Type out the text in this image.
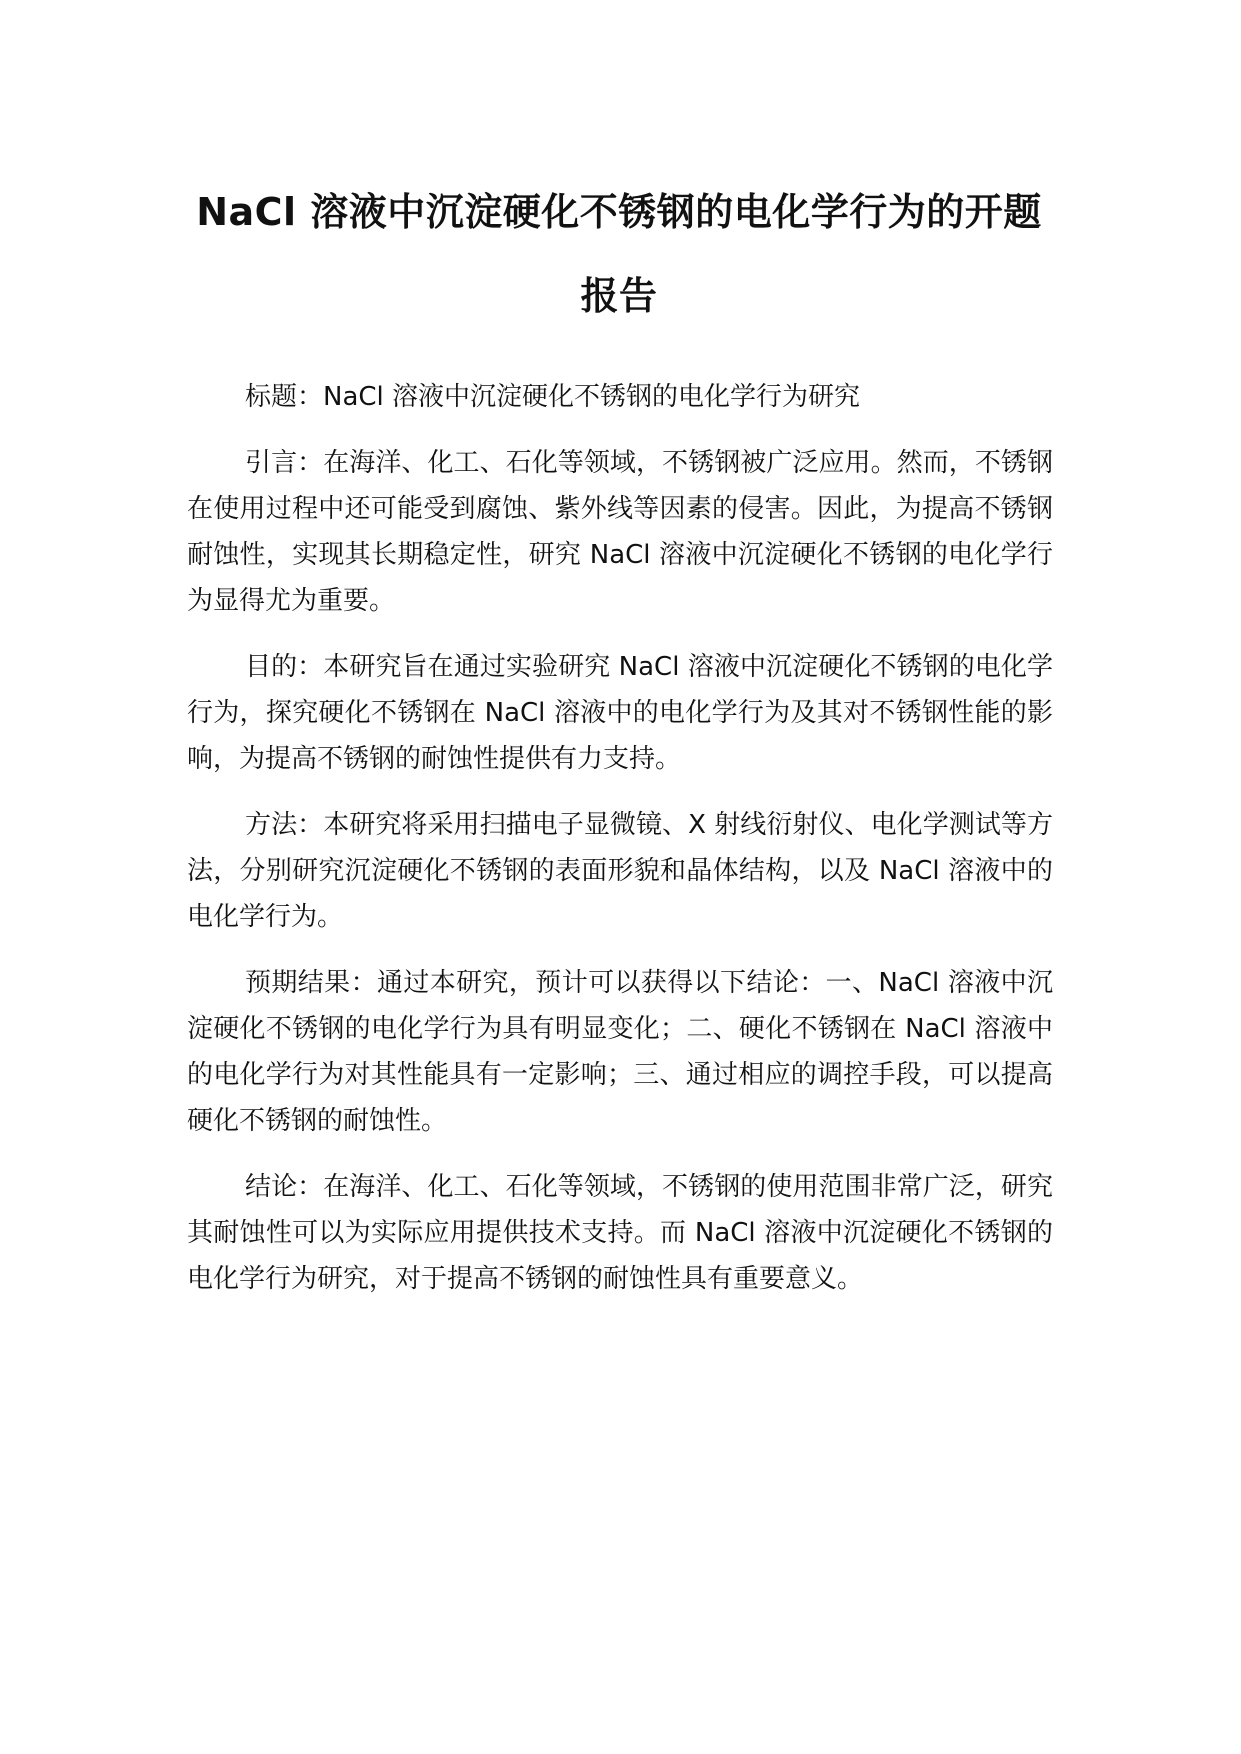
NaCl 溶液中沉淀硬化不锈钢的电化学行为的开题报告

标题：NaCl 溶液中沉淀硬化不锈钢的电化学行为研究

引言：在海洋、化工、石化等领域，不锈钢被广泛应用。然而，不锈钢在使用过程中还可能受到腐蚀、紫外线等因素的侵害。因此，为提高不锈钢耐蚀性，实现其长期稳定性，研究 NaCl 溶液中沉淀硬化不锈钢的电化学行为显得尤为重要。

目的：本研究旨在通过实验研究 NaCl 溶液中沉淀硬化不锈钢的电化学行为，探究硬化不锈钢在 NaCl 溶液中的电化学行为及其对不锈钢性能的影响，为提高不锈钢的耐蚀性提供有力支持。

方法：本研究将采用扫描电子显微镜、X 射线衍射仪、电化学测试等方法，分别研究沉淀硬化不锈钢的表面形貌和晶体结构，以及 NaCl 溶液中的电化学行为。

预期结果：通过本研究，预计可以获得以下结论：一、NaCl 溶液中沉淀硬化不锈钢的电化学行为具有明显变化；二、硬化不锈钢在 NaCl 溶液中的电化学行为对其性能具有一定影响；三、通过相应的调控手段，可以提高硬化不锈钢的耐蚀性。

结论：在海洋、化工、石化等领域，不锈钢的使用范围非常广泛，研究其耐蚀性可以为实际应用提供技术支持。而 NaCl 溶液中沉淀硬化不锈钢的电化学行为研究，对于提高不锈钢的耐蚀性具有重要意义。
